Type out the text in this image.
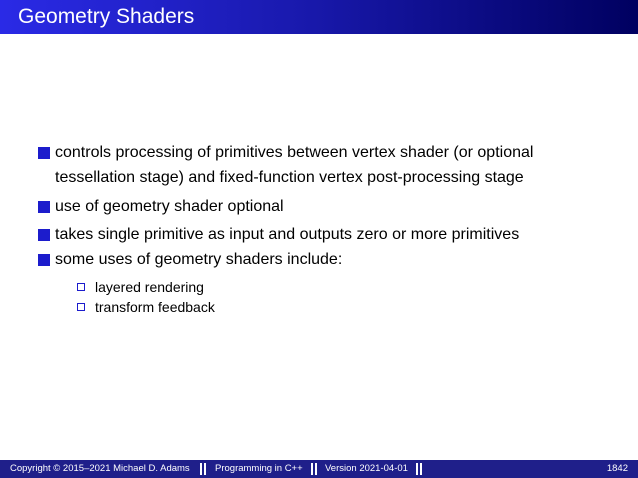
Geometry Shaders
controls processing of primitives between vertex shader (or optional
tessellation stage) and fixed-function vertex post-processing stage
use of geometry shader optional
takes single primitive as input and outputs zero or more primitives
some uses of geometry shaders include:
layered rendering
transform feedback
Copyright © 2015–2021 Michael D. Adams	Programming in C++ Version 2021-04-01	1842
